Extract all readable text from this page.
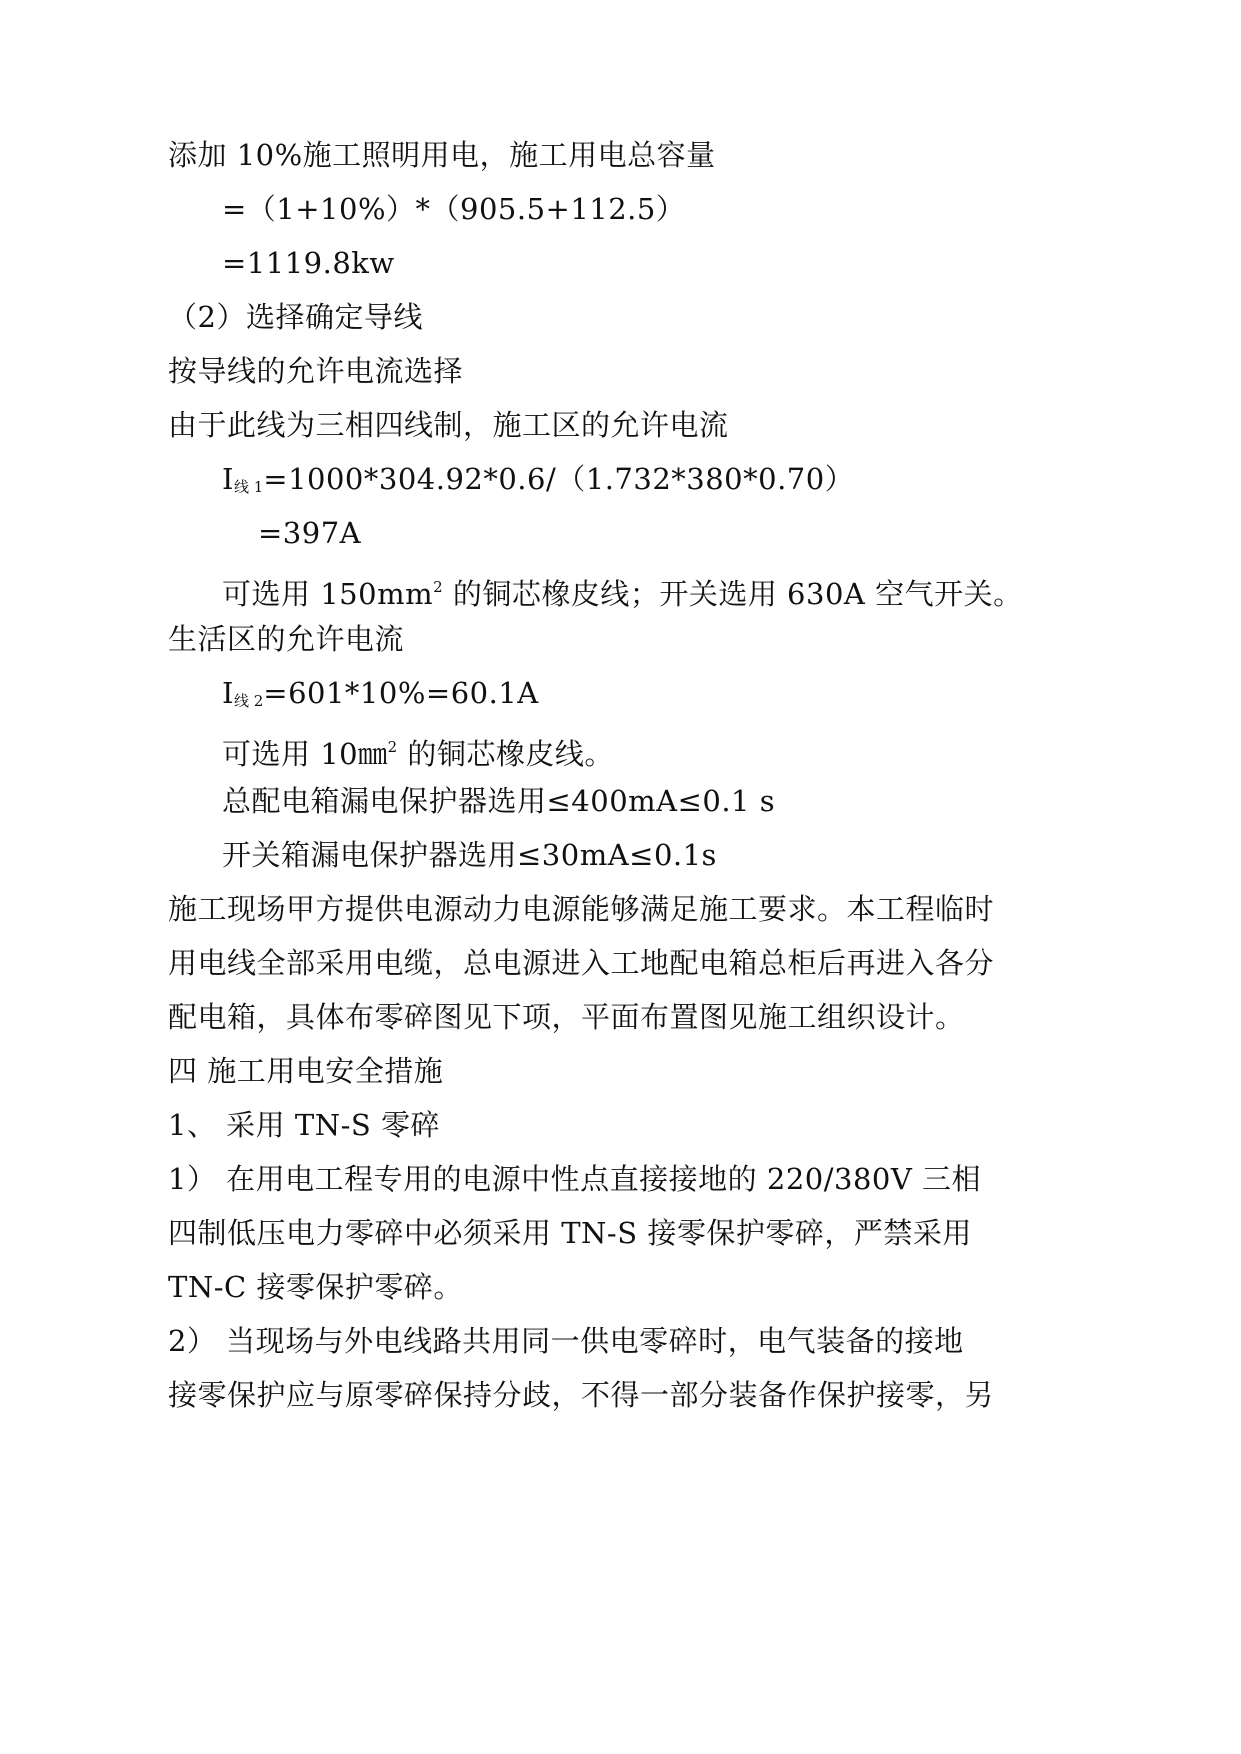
添加 10%施工照明用电，施工用电总容量
=（1+10%）*（905.5+112.5）
=1119.8kw
（2）选择确定导线
按导线的允许电流选择
由于此线为三相四线制，施工区的允许电流
$I_{线 1}=1000*304.92*0.6/(1.732*380*0.70)$
=397A
可选用 $150mm^2$ 的铜芯橡皮线；开关选用 630A 空气开关。
生活区的允许电流
$I_{线 2}=601*10\%=60.1A$
可选用 10㎜$^2$ 的铜芯橡皮线。
总配电箱漏电保护器选用≤400mA≤0.1 s
开关箱漏电保护器选用≤30mA≤0.1s
施工现场甲方提供电源动力电源能够满足施工要求。本工程临时
用电线全部采用电缆，总电源进入工地配电箱总柜后再进入各分
配电箱，具体布零碎图见下项，平面布置图见施工组织设计。
四 施工用电安全措施
1、 采用 TN-S 零碎
1） 在用电工程专用的电源中性点直接接地的 220/380V 三相
四制低压电力零碎中必须采用 TN-S 接零保护零碎，严禁采用
TN-C 接零保护零碎。
2） 当现场与外电线路共用同一供电零碎时，电气装备的接地
接零保护应与原零碎保持分歧，不得一部分装备作保护接零，另
